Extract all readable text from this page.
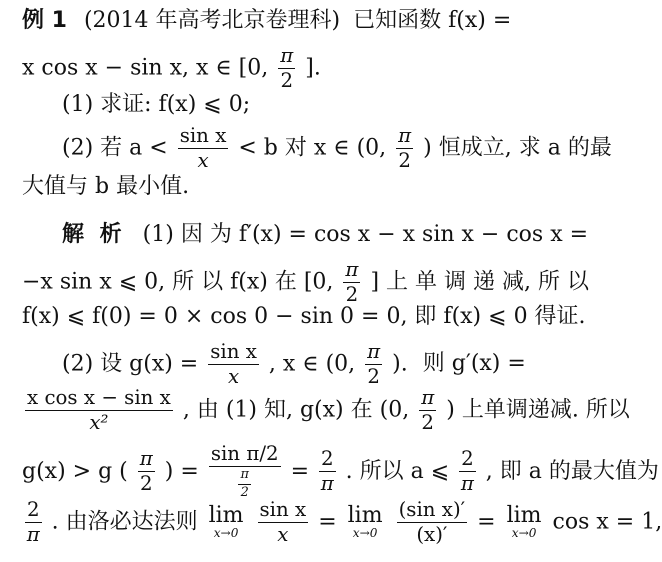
例 1 (2014 年高考北京卷理科) 已知函数 f(x) =
x cos x − sin x, x ∈ [0, $\frac{\pi}{2}$ ].
(1) 求证: f(x) ⩽ 0;
(2) 若 $a < \frac{\text{sin x}}{x} < b$ 对 x ∈ (0, $\frac{\pi}{2}$ ) 恒成立, 求 a 的最
大值与 b 最小值.
解 析 (1) 因 为 f′(x) = cos x − x sin x − cos x =
−x sin x ⩽ 0, 所 以 f(x) 在 [0, $\frac{\pi}{2}$ ] 上 单 调 递 减, 所 以
f(x) ⩽ f(0) = 0 × cos 0 − sin 0 = 0, 即 f(x) ⩽ 0 得证.
(2) 设 $g(x) = \frac{\text{sin x}}{x}$ , x ∈ (0, $\frac{\pi}{2}$ ). 则 g′(x) =
$\frac{\text{x cos x − sin x}}{\text{x²}}$ , 由 (1) 知, g(x) 在 (0, $\frac{\pi}{2}$ ) 上单调递减. 所以
g(x) > g ( $\frac{\pi}{2}$ ) = $\frac{\text{sin π/2}}{\frac{\pi}{2}} = \frac{2}{\pi}$ . 所以 a ⩽ $\frac{2}{\pi}$ , 即 a 的最大值为
$\frac{2}{\pi}$ . 由洛必达法则 lim
x→0
$\frac{\text{sin x}}{x} = \lim$
x→0
$\frac{\text{(sin x)′}}{(x)'} = \lim$
x→0 cos x = 1,
